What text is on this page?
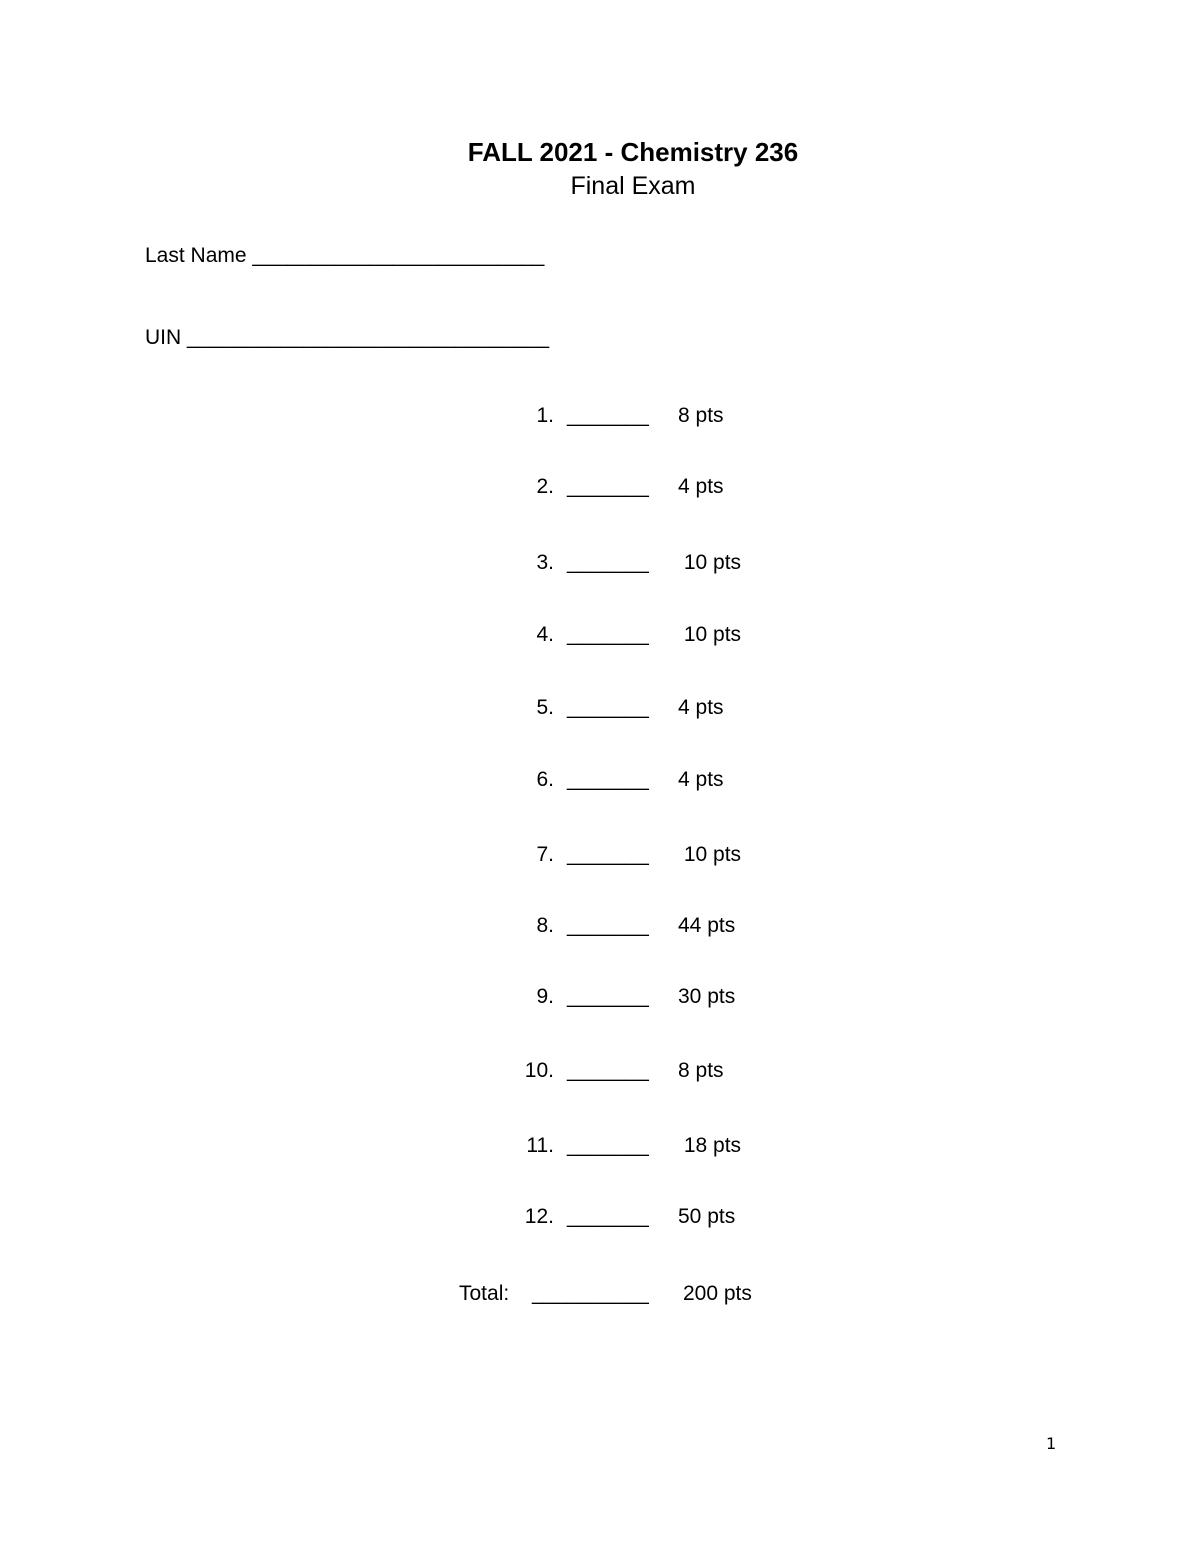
FALL 2021 - Chemistry 236
Final Exam
Last Name _________________________
UIN _______________________________
1. _______ 8 pts
2. _______ 4 pts
3. _______ 10 pts
4. _______ 10 pts
5. _______ 4 pts
6. _______ 4 pts
7. _______ 10 pts
8. _______ 44 pts
9. _______ 30 pts
10. _______ 8 pts
11. _______ 18 pts
12. _______ 50 pts
Total: __________ 200 pts
1
